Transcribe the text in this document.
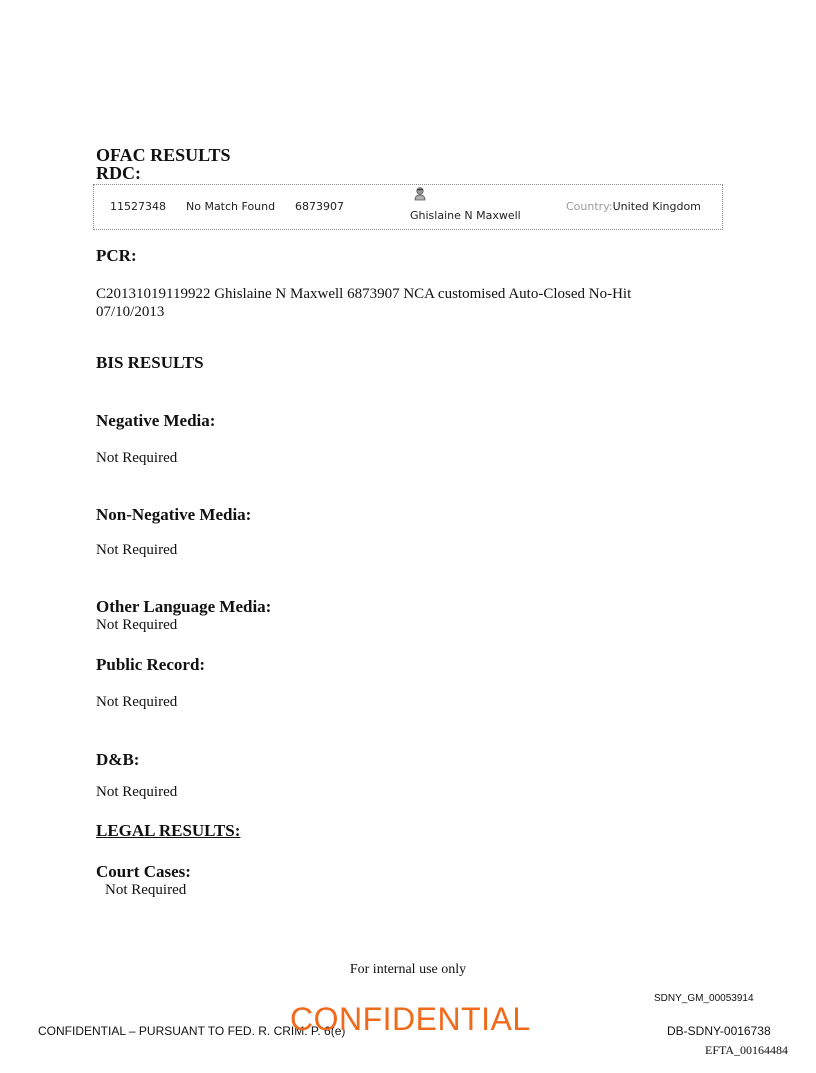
OFAC RESULTS
RDC:
11527348 No Match Found 6873907
Ghislaine N Maxwell
Country:United Kingdom
PCR:
C20131019119922 Ghislaine N Maxwell 6873907 NCA customised Auto-Closed No-Hit 07/10/2013
BIS RESULTS
Negative Media:
Not Required
Non-Negative Media:
Not Required
Other Language Media:
Not Required
Public Record:
Not Required
D&B:
Not Required
LEGAL RESULTS:
Court Cases:
Not Required
For internal use only
SDNY_GM_00053914
CONFIDENTIAL – PURSUANT TO FED. R. CRIM. P. 6(e)
CONFIDENTIAL	DB-SDNY-0016738
EFTA_00164484
